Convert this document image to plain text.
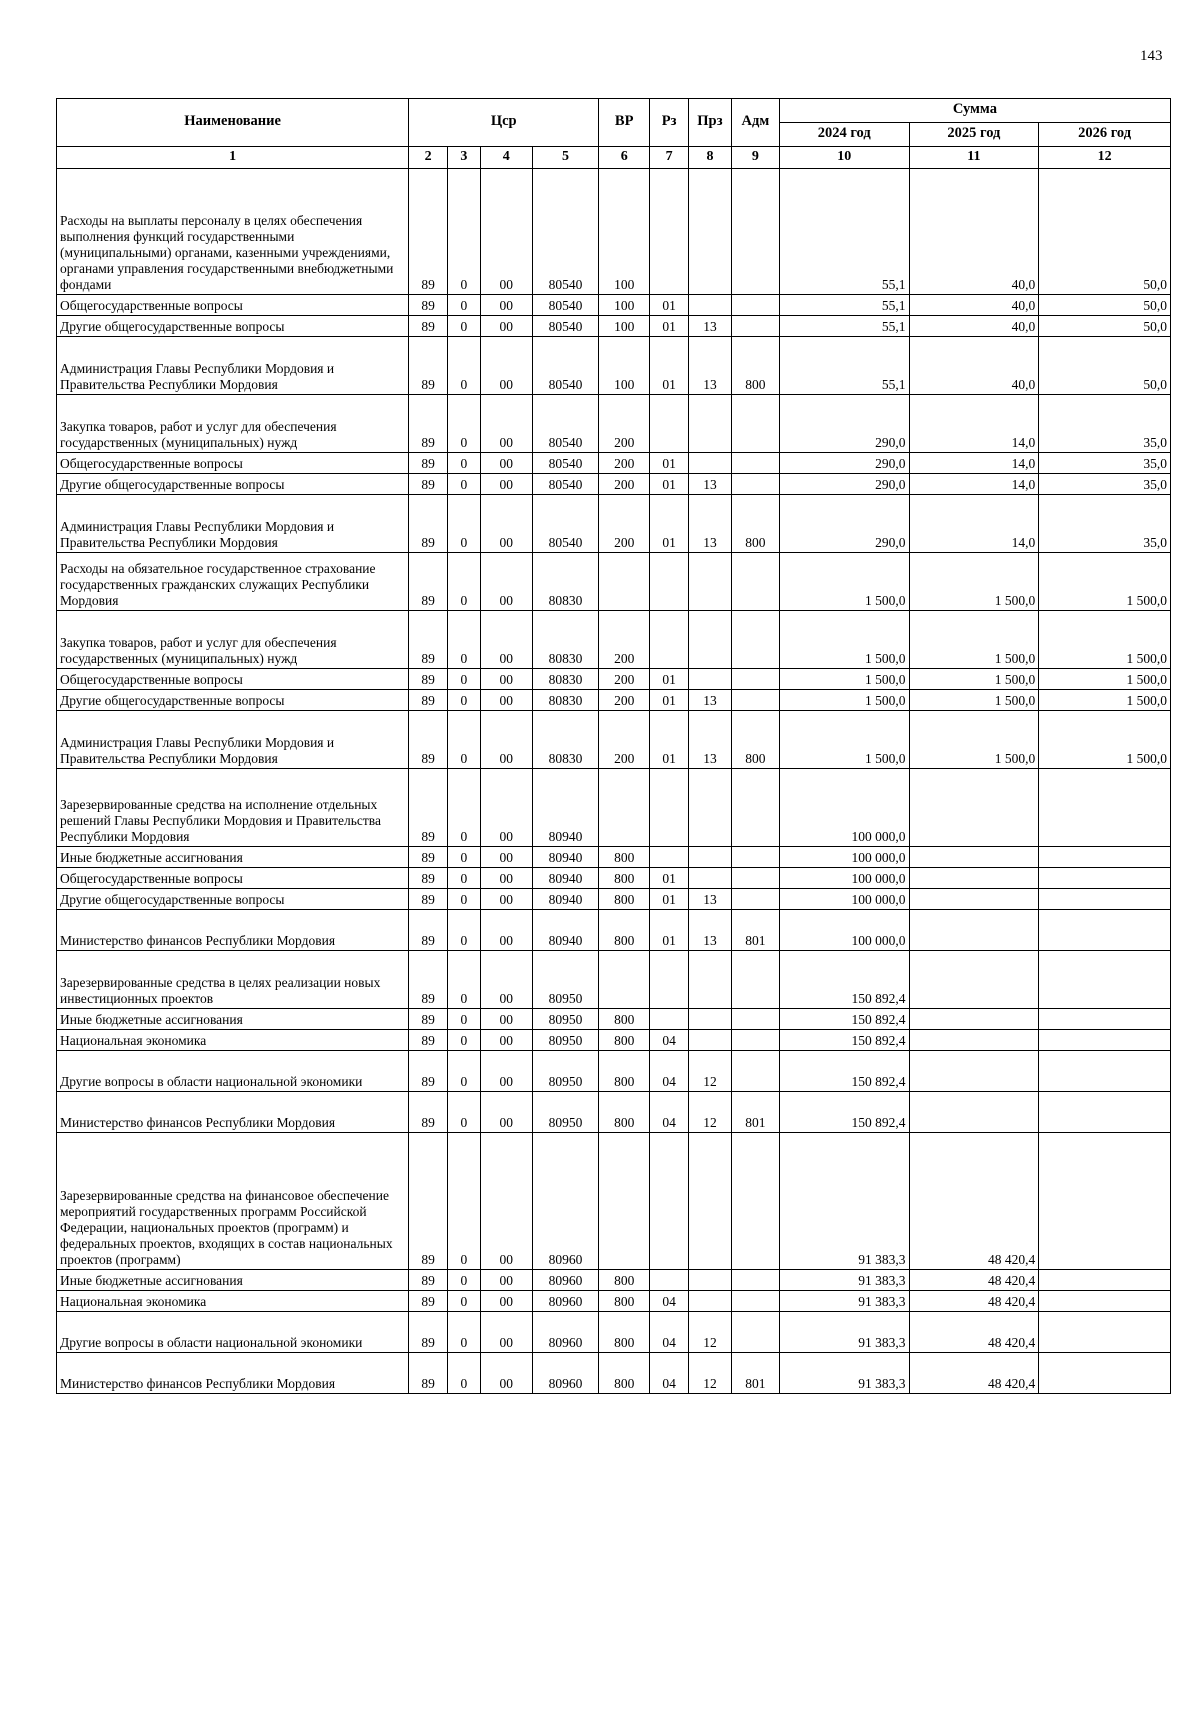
143
Наименование	Цср				ВР	Рз	Прз	Адм	Сумма		
									2024 год	2025 год	2026 год
1	2	3	4	5	6	7	8	9	10	11	12
Расходы на выплаты персоналу в целях обеспечения выполнения функций государственными (муниципальными) органами, казенными учреждениями, органами управления государственными внебюджетными фондами	89	0	00	80540	100				55,1	40,0	50,0
Общегосударственные вопросы	89	0	00	80540	100	01			55,1	40,0	50,0
Другие общегосударственные вопросы	89	0	00	80540	100	01	13		55,1	40,0	50,0
Администрация Главы Республики Мордовия и Правительства Республики Мордовия	89	0	00	80540	100	01	13	800	55,1	40,0	50,0
Закупка товаров, работ и услуг для обеспечения государственных (муниципальных) нужд	89	0	00	80540	200				290,0	14,0	35,0
Общегосударственные вопросы	89	0	00	80540	200	01			290,0	14,0	35,0
Другие общегосударственные вопросы	89	0	00	80540	200	01	13		290,0	14,0	35,0
Администрация Главы Республики Мордовия и Правительства Республики Мордовия	89	0	00	80540	200	01	13	800	290,0	14,0	35,0
Расходы на обязательное государственное страхование государственных гражданских служащих Республики Мордовия	89	0	00	80830					1 500,0	1 500,0	1 500,0
Закупка товаров, работ и услуг для обеспечения государственных (муниципальных) нужд	89	0	00	80830	200				1 500,0	1 500,0	1 500,0
Общегосударственные вопросы	89	0	00	80830	200	01			1 500,0	1 500,0	1 500,0
Другие общегосударственные вопросы	89	0	00	80830	200	01	13		1 500,0	1 500,0	1 500,0
Администрация Главы Республики Мордовия и Правительства Республики Мордовия	89	0	00	80830	200	01	13	800	1 500,0	1 500,0	1 500,0
Зарезервированные средства на исполнение отдельных решений Главы Республики Мордовия и Правительства Республики Мордовия	89	0	00	80940					100 000,0		
Иные бюджетные ассигнования	89	0	00	80940	800				100 000,0		
Общегосударственные вопросы	89	0	00	80940	800	01			100 000,0		
Другие общегосударственные вопросы	89	0	00	80940	800	01	13		100 000,0		
Министерство финансов Республики Мордовия	89	0	00	80940	800	01	13	801	100 000,0		
Зарезервированные средства в целях реализации новых инвестиционных проектов	89	0	00	80950					150 892,4		
Иные бюджетные ассигнования	89	0	00	80950	800				150 892,4		
Национальная экономика	89	0	00	80950	800	04			150 892,4		
Другие вопросы в области национальной экономики	89	0	00	80950	800	04	12		150 892,4		
Министерство финансов Республики Мордовия	89	0	00	80950	800	04	12	801	150 892,4		
Зарезервированные средства на финансовое обеспечение мероприятий государственных программ Российской Федерации, национальных проектов (программ) и федеральных проектов, входящих в состав национальных проектов (программ)	89	0	00	80960					91 383,3	48 420,4	
Иные бюджетные ассигнования	89	0	00	80960	800				91 383,3	48 420,4	
Национальная экономика	89	0	00	80960	800	04			91 383,3	48 420,4	
Другие вопросы в области национальной экономики	89	0	00	80960	800	04	12		91 383,3	48 420,4	
Министерство финансов Республики Мордовия	89	0	00	80960	800	04	12	801	91 383,3	48 420,4	
